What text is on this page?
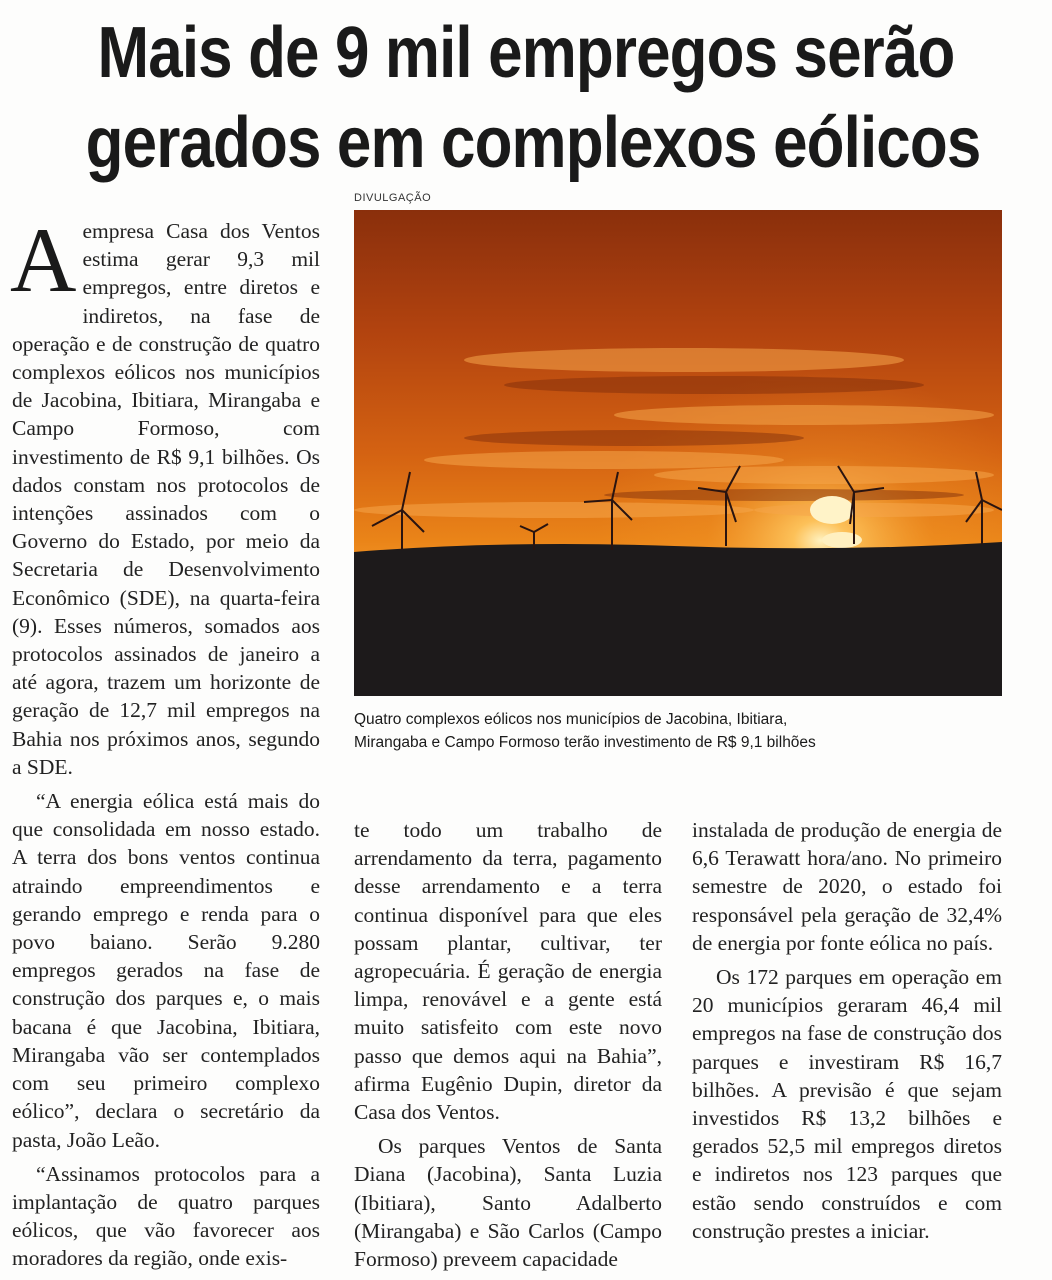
Mais de 9 mil empregos serão
gerados em complexos eólicos
DIVULGAÇÃO
Quatro complexos eólicos nos municípios de Jacobina, Ibitiara,
Mirangaba e Campo Formoso terão investimento de R$ 9,1 bilhões

Aempresa Casa dos Ventos estima gerar 9,3 mil empregos, entre diretos e indiretos, na fase de operação e de construção de quatro complexos eólicos nos municípios de Jacobina, Ibitiara, Mirangaba e Campo Formoso, com investimento de R$ 9,1 bilhões. Os dados constam nos protocolos de intenções assinados com o Governo do Estado, por meio da Secretaria de Desenvolvimento Econômico (SDE), na quarta-feira (9). Esses números, somados aos protocolos assinados de janeiro a até agora, trazem um horizonte de geração de 12,7 mil empregos na Bahia nos próximos anos, segundo a SDE.

“A energia eólica está mais do que consolidada em nosso estado. A terra dos bons ventos continua atraindo empreendimentos e gerando emprego e renda para o povo baiano. Serão 9.280 empregos gerados na fase de construção dos parques e, o mais bacana é que Jacobina, Ibitiara, Mirangaba vão ser contemplados com seu primeiro complexo eólico”, declara o secretário da pasta, João Leão.

“Assinamos protocolos para a implantação de quatro parques eólicos, que vão favorecer aos moradores da região, onde exis-

te todo um trabalho de arrendamento da terra, pagamento desse arrendamento e a terra continua disponível para que eles possam plantar, cultivar, ter agropecuária. É geração de energia limpa, renovável e a gente está muito satisfeito com este novo passo que demos aqui na Bahia”, afirma Eugênio Dupin, diretor da Casa dos Ventos.

Os parques Ventos de Santa Diana (Jacobina), Santa Luzia (Ibitiara), Santo Adalberto (Mirangaba) e São Carlos (Campo Formoso) preveem capacidade

instalada de produção de energia de 6,6 Terawatt hora/ano. No primeiro semestre de 2020, o estado foi responsável pela geração de 32,4% de energia por fonte eólica no país.

Os 172 parques em operação em 20 municípios geraram 46,4 mil empregos na fase de construção dos parques e investiram R$ 16,7 bilhões. A previsão é que sejam investidos R$ 13,2 bilhões e gerados 52,5 mil empregos diretos e indiretos nos 123 parques que estão sendo construídos e com construção prestes a iniciar.
